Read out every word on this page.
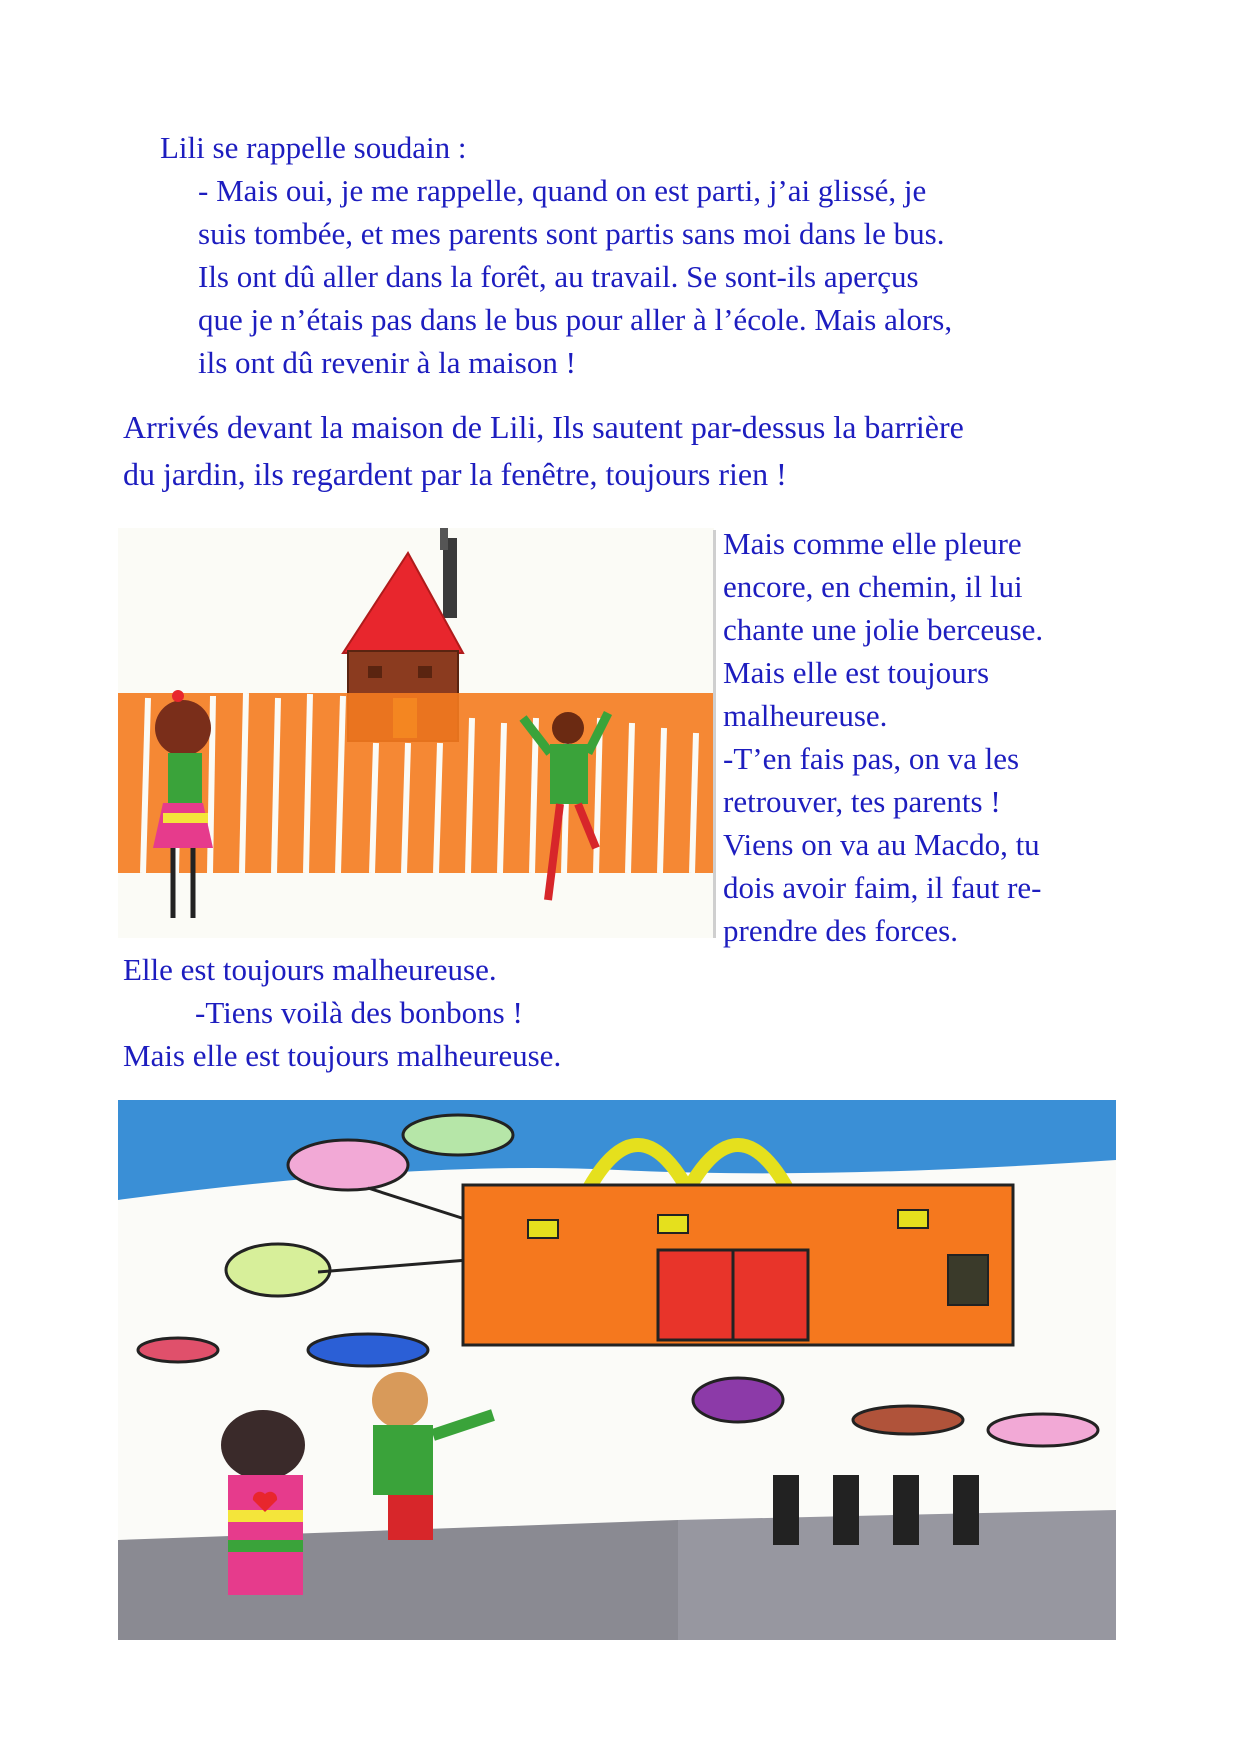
Lili se rappelle soudain :
- Mais oui, je me rappelle, quand on est parti, j’ai glissé, je
suis tombée, et mes parents sont partis sans moi dans le bus.
Ils ont dû aller dans la forêt, au travail. Se sont-ils aperçus
que je n’étais pas dans le bus pour aller à l’école. Mais alors,
ils ont dû revenir à la maison !
Arrivés devant la maison de Lili, Ils sautent par-dessus la barrière
du jardin, ils regardent par la fenêtre, toujours rien !
Mais comme elle pleure
encore, en chemin, il lui
chante une jolie berceuse.
Mais elle est toujours
malheureuse.
-T’en fais pas, on va les
retrouver, tes parents !
Viens on va au Macdo, tu
dois avoir faim, il faut re-
prendre des forces.
Elle est toujours malheureuse.
-Tiens voilà des bonbons !
Mais elle est toujours malheureuse.
